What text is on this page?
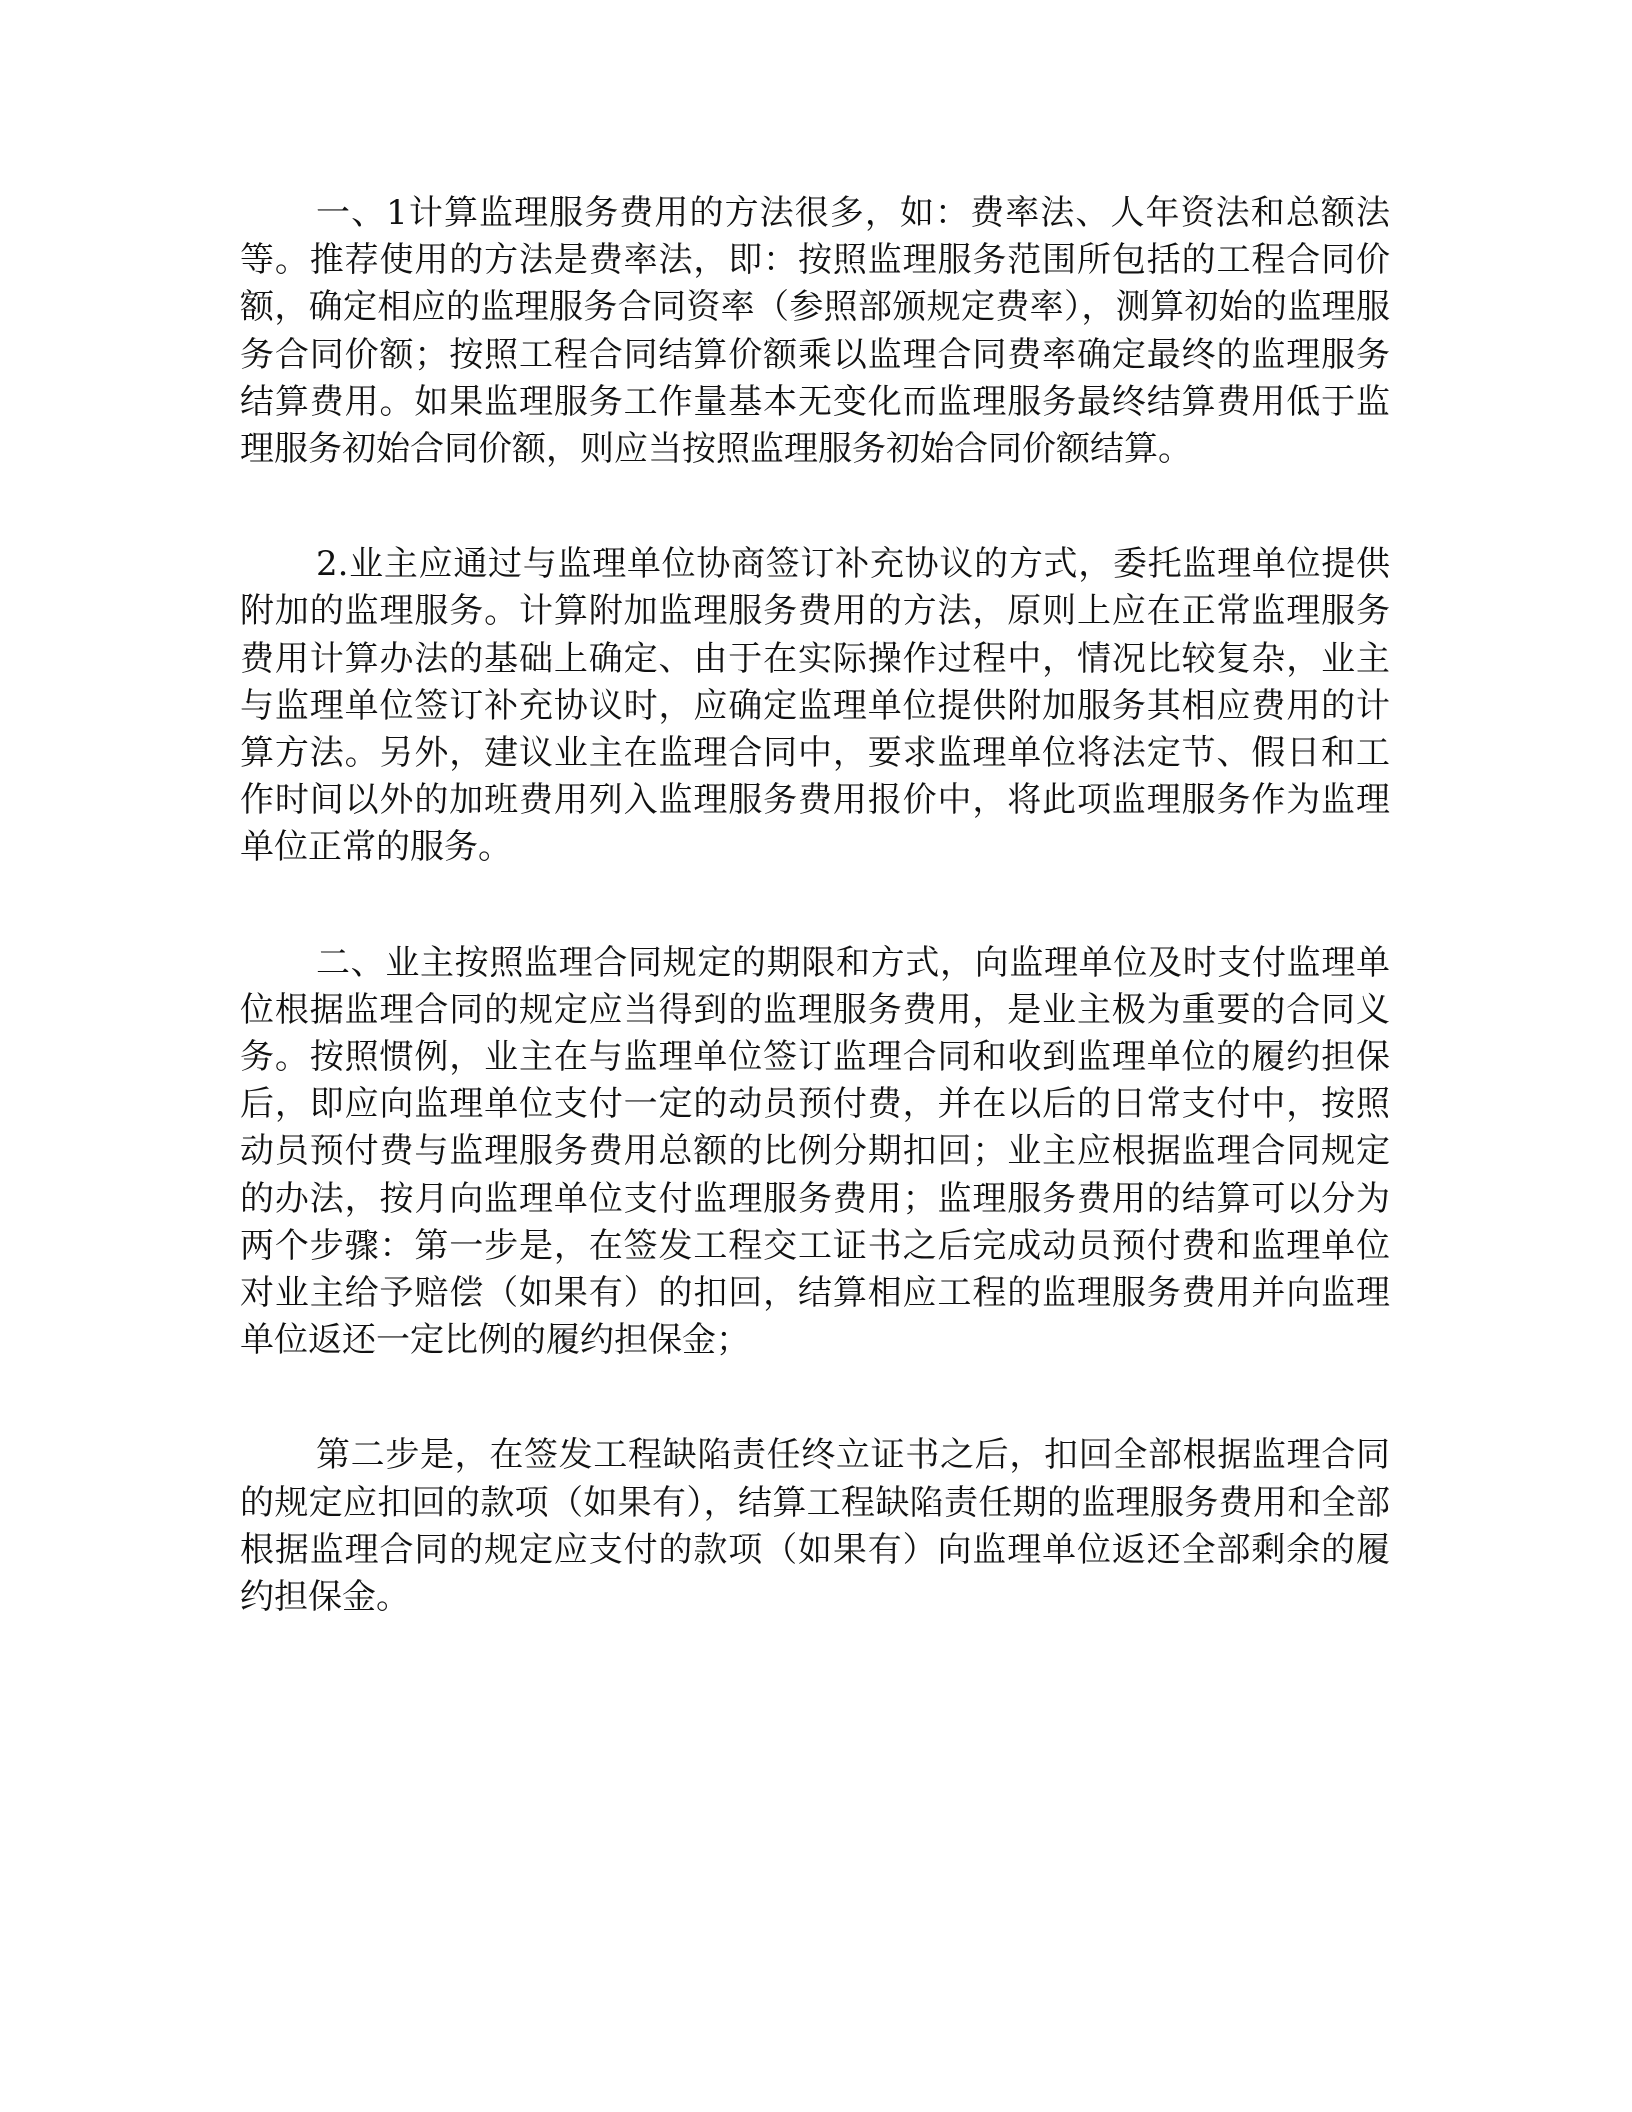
一、1计算监理服务费用的方法很多，如：费率法、人年资法和总额法等。推荐使用的方法是费率法，即：按照监理服务范围所包括的工程合同价额，确定相应的监理服务合同资率（参照部颁规定费率），测算初始的监理服务合同价额；按照工程合同结算价额乘以监理合同费率确定最终的监理服务结算费用。如果监理服务工作量基本无变化而监理服务最终结算费用低于监理服务初始合同价额，则应当按照监理服务初始合同价额结算。

2.业主应通过与监理单位协商签订补充协议的方式，委托监理单位提供附加的监理服务。计算附加监理服务费用的方法，原则上应在正常监理服务费用计算办法的基础上确定、由于在实际操作过程中，情况比较复杂，业主与监理单位签订补充协议时，应确定监理单位提供附加服务其相应费用的计算方法。另外，建议业主在监理合同中，要求监理单位将法定节、假日和工作时间以外的加班费用列入监理服务费用报价中，将此项监理服务作为监理单位正常的服务。

二、业主按照监理合同规定的期限和方式，向监理单位及时支付监理单位根据监理合同的规定应当得到的监理服务费用，是业主极为重要的合同义务。按照惯例，业主在与监理单位签订监理合同和收到监理单位的履约担保后，即应向监理单位支付一定的动员预付费，并在以后的日常支付中，按照动员预付费与监理服务费用总额的比例分期扣回；业主应根据监理合同规定的办法，按月向监理单位支付监理服务费用；监理服务费用的结算可以分为两个步骤：第一步是，在签发工程交工证书之后完成动员预付费和监理单位对业主给予赔偿（如果有）的扣回，结算相应工程的监理服务费用并向监理单位返还一定比例的履约担保金；

第二步是，在签发工程缺陷责任终立证书之后，扣回全部根据监理合同的规定应扣回的款项（如果有），结算工程缺陷责任期的监理服务费用和全部根据监理合同的规定应支付的款项（如果有）向监理单位返还全部剩余的履约担保金。
